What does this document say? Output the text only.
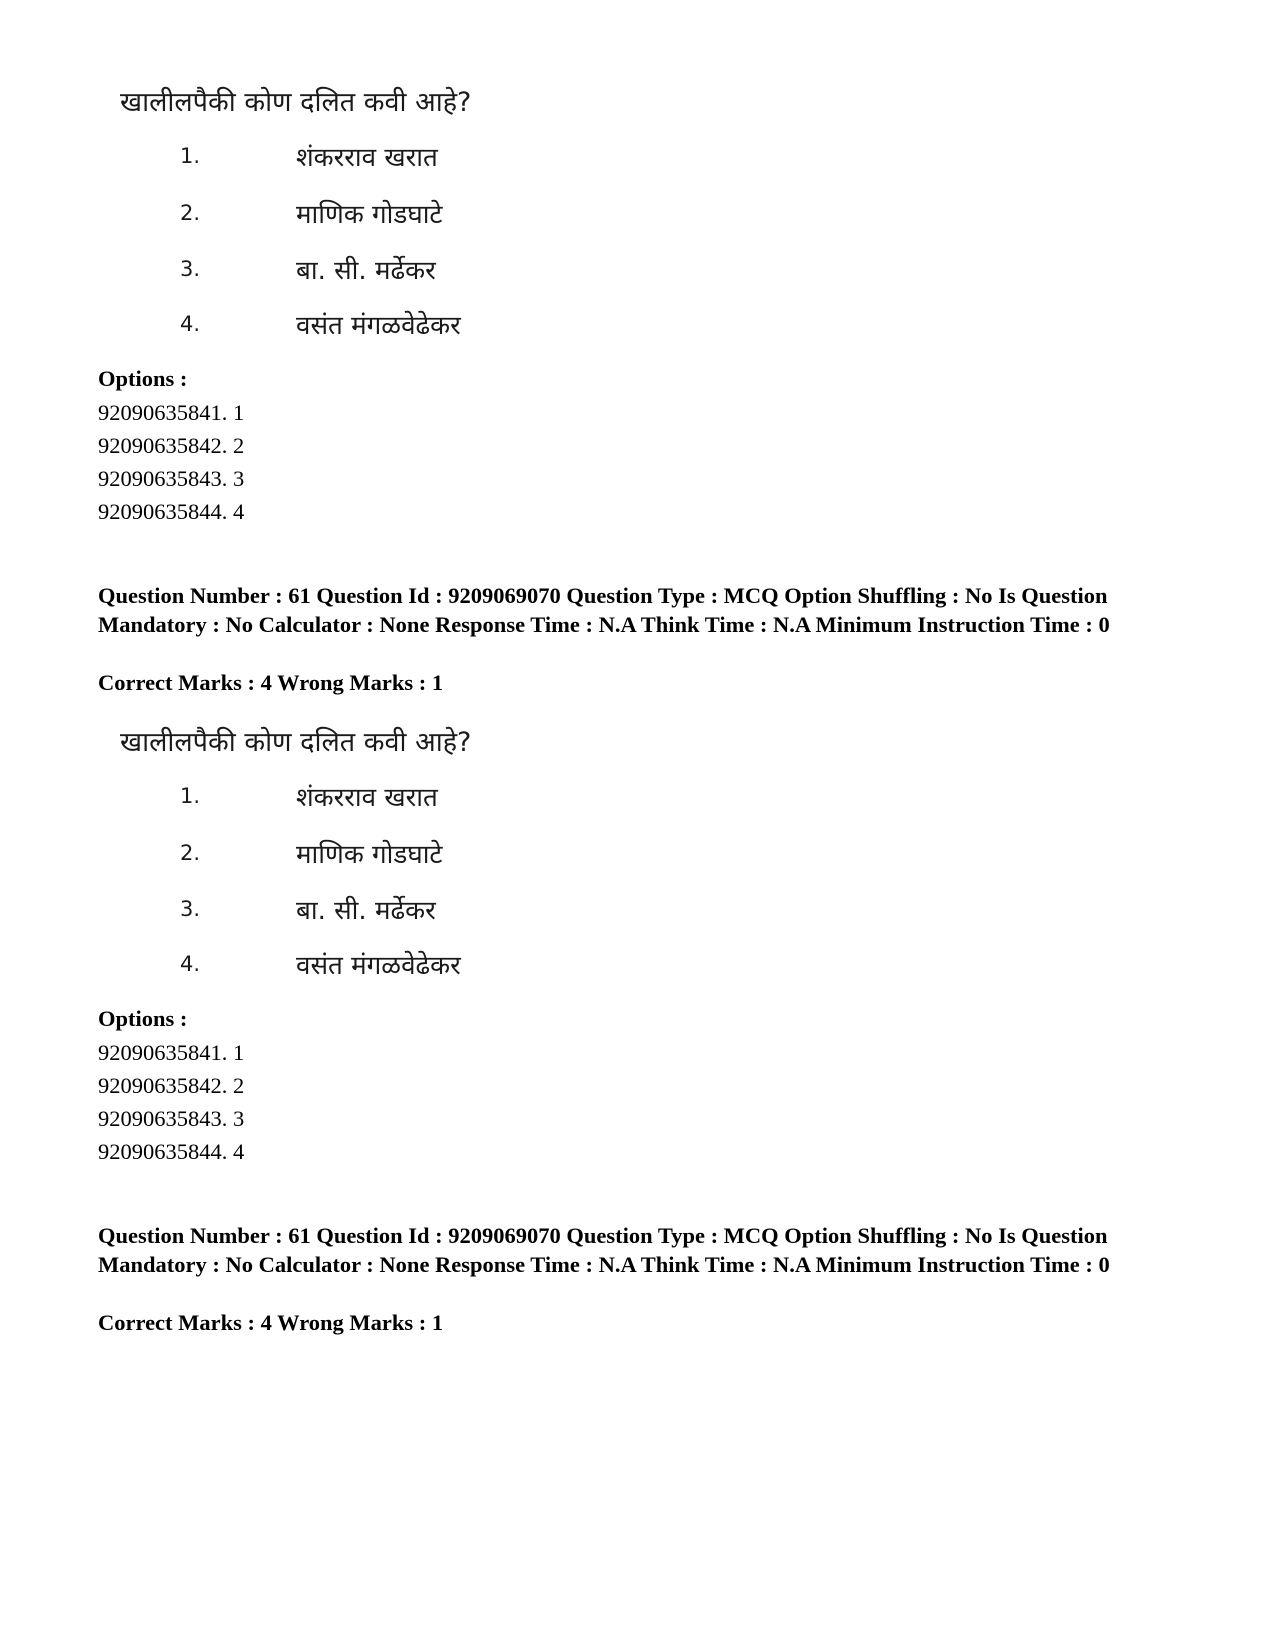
खालीलपैकी कोण दलित कवी आहे?
1.	शंकरराव खरात
2.	माणिक गोडघाटे
3.	बा. सी. मर्ढेकर
4.	वसंत मंगळवेढेकर
Options :
92090635841. 1
92090635842. 2
92090635843. 3
92090635844. 4
Question Number : 61 Question Id : 9209069070 Question Type : MCQ Option Shuffling : No Is Question Mandatory : No Calculator : None Response Time : N.A Think Time : N.A Minimum Instruction Time : 0
Correct Marks : 4 Wrong Marks : 1
खालीलपैकी कोण दलित कवी आहे?
1.	शंकरराव खरात
2.	माणिक गोडघाटे
3.	बा. सी. मर्ढेकर
4.	वसंत मंगळवेढेकर
Options :
92090635841. 1
92090635842. 2
92090635843. 3
92090635844. 4
Question Number : 61 Question Id : 9209069070 Question Type : MCQ Option Shuffling : No Is Question Mandatory : No Calculator : None Response Time : N.A Think Time : N.A Minimum Instruction Time : 0
Correct Marks : 4 Wrong Marks : 1
